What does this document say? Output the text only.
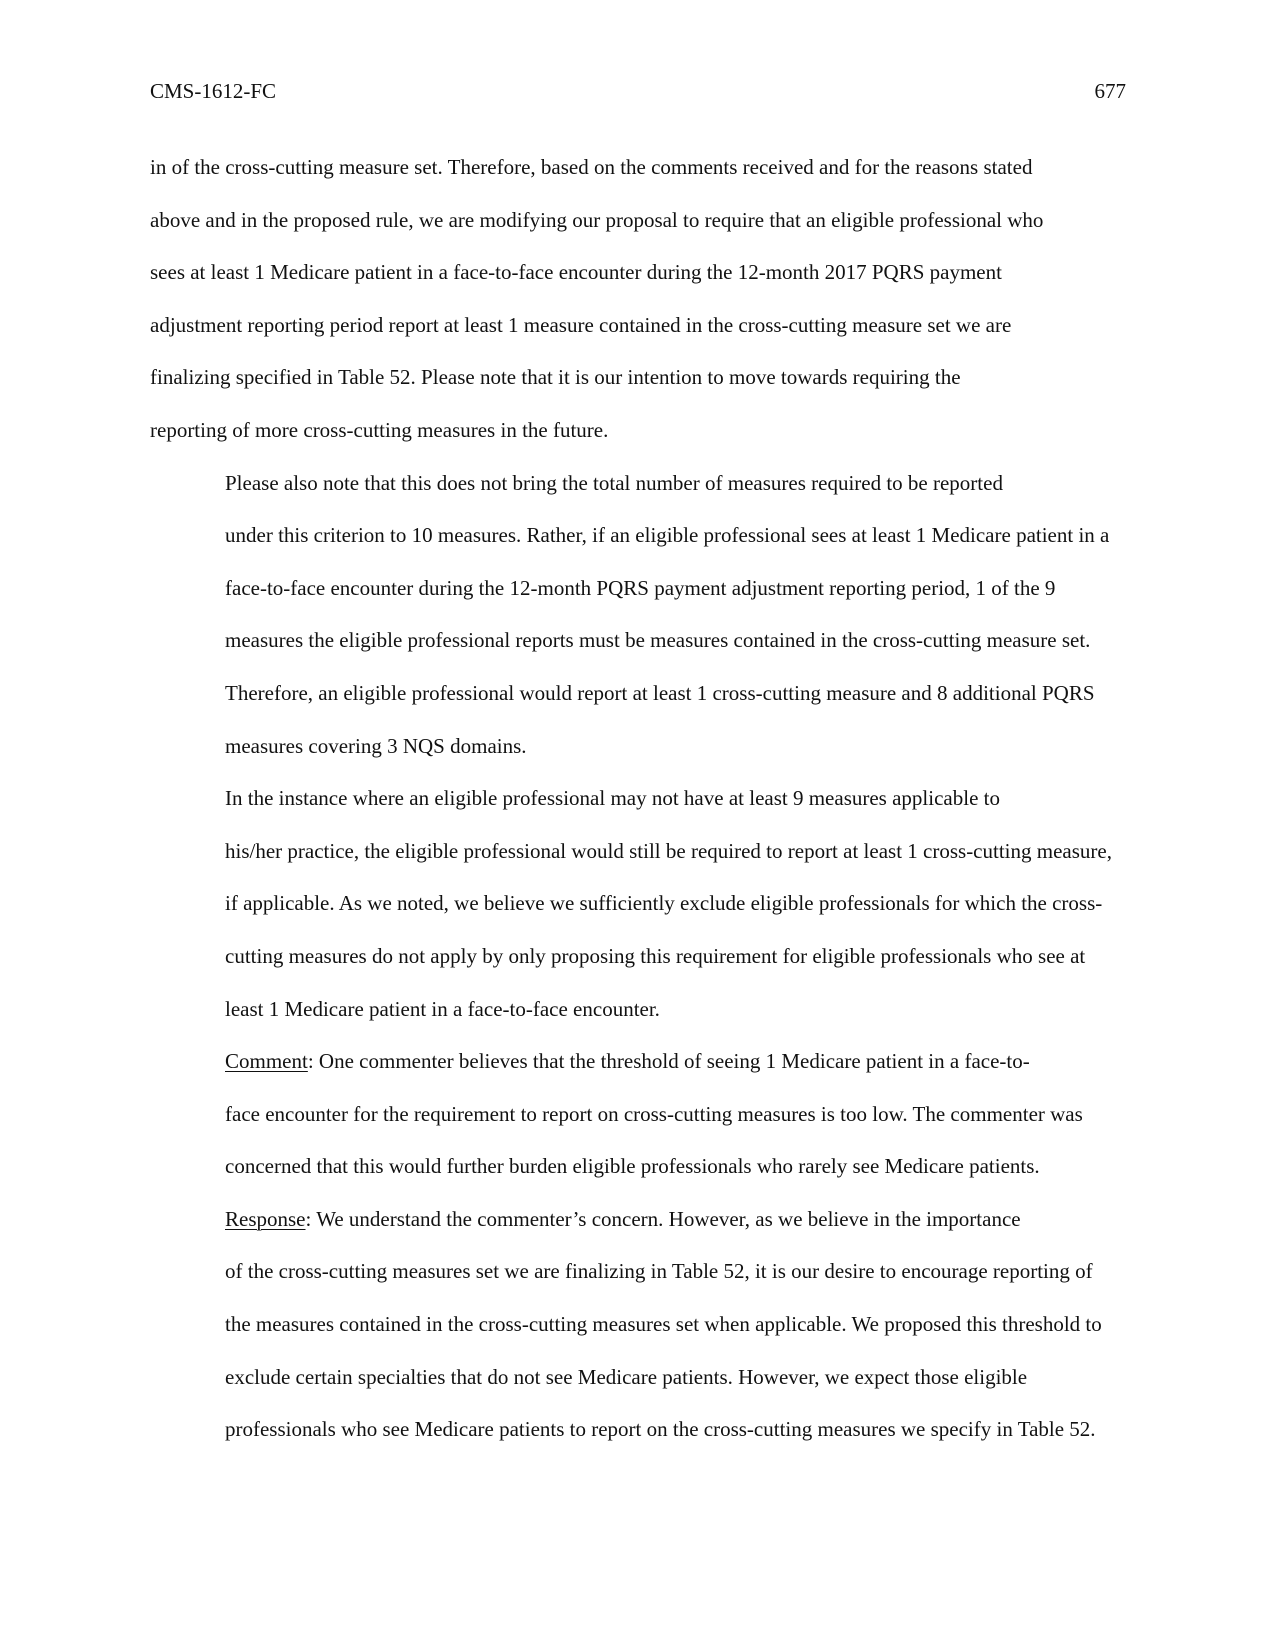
CMS-1612-FC	677

in of the cross-cutting measure set. Therefore, based on the comments received and for the reasons stated
above and in the proposed rule, we are modifying our proposal to require that an eligible professional who
sees at least 1 Medicare patient in a face-to-face encounter during the 12-month 2017 PQRS payment
adjustment reporting period report at least 1 measure contained in the cross-cutting measure set we are
finalizing specified in Table 52. Please note that it is our intention to move towards requiring the
reporting of more cross-cutting measures in the future.

Please also note that this does not bring the total number of measures required to be reported
under this criterion to 10 measures. Rather, if an eligible professional sees at least 1 Medicare patient in a
face-to-face encounter during the 12-month PQRS payment adjustment reporting period, 1 of the 9
measures the eligible professional reports must be measures contained in the cross-cutting measure set.
Therefore, an eligible professional would report at least 1 cross-cutting measure and 8 additional PQRS
measures covering 3 NQS domains.

In the instance where an eligible professional may not have at least 9 measures applicable to
his/her practice, the eligible professional would still be required to report at least 1 cross-cutting measure,
if applicable. As we noted, we believe we sufficiently exclude eligible professionals for which the cross-
cutting measures do not apply by only proposing this requirement for eligible professionals who see at
least 1 Medicare patient in a face-to-face encounter.

Comment: One commenter believes that the threshold of seeing 1 Medicare patient in a face-to-
face encounter for the requirement to report on cross-cutting measures is too low. The commenter was
concerned that this would further burden eligible professionals who rarely see Medicare patients.

Response: We understand the commenter’s concern. However, as we believe in the importance
of the cross-cutting measures set we are finalizing in Table 52, it is our desire to encourage reporting of
the measures contained in the cross-cutting measures set when applicable. We proposed this threshold to
exclude certain specialties that do not see Medicare patients. However, we expect those eligible
professionals who see Medicare patients to report on the cross-cutting measures we specify in Table 52.
